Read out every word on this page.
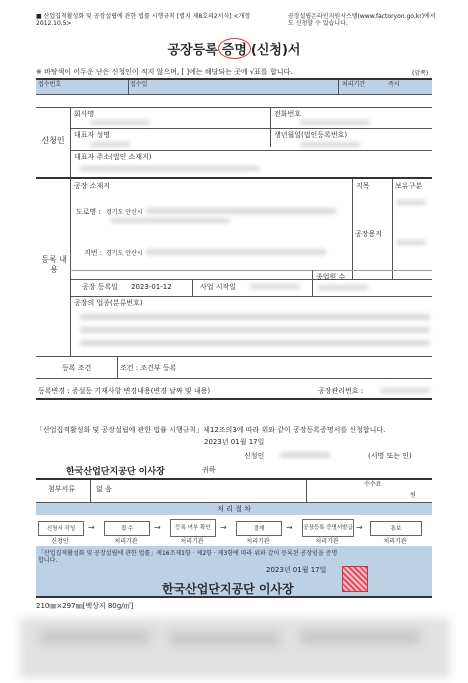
■ 산업집적활성화 및 공장설립에 관한 법률 시행규칙 [별지 제8호의2서식] <개정 2012.10.5>
공장설립온라인지원시스템(www.factoryon.go.kr)에서도 신청할 수 있습니다.
공장등록 증명 (신청)서
※ 바탕색이 어두운 난은 신청인이 적지 않으며, [ ]에는 해당되는 곳에 √표를 합니다.	(앞쪽)
접수번호	접수일	처리기간	즉시
신청인
회사명	전화번호
대표자 성명	생년월일(법인등록번호)
대표자 주소(법인 소재지)
등록 내용
공장 소재지	지목	보유구분
도로명 : 경기도 안산시
지번 : 경기도 안산시
공장용지
공장 등록일 2023-01-12	사업 시작일
종업원 수
공장의 업종(분류번호)
등록 조건	조건 : 조건부 등록
등록변경 : 증설등 기재사항 변경내용(변경 날짜 및 내용)	공장관리번호 :
「산업집적활성화 및 공장설립에 관한 법률 시행규칙」제12조의3에 따라 위와 같이 공장등록증명서를 신청합니다.
2023년 01월 17일
신청인	(서명 또는 인)
한국산업단지공단 이사장	귀하
첨부서류	없 음
수수료
원
처 리 절 차
신청서 작성	→	접 수	→	등록 여부 확인	→	결재	→ 공장등록 증명서발급 →	통보
신청인	처리기관	처리기관	처리기관	처리기관	처리기관
「산업집적활성화 및 공장설립에 관한 법률」제16조제1항 · 제2항 · 제3항에 따라 위와 같이 등록된 공장임을 증명합니다.
2023년 01월 17일
한국산업단지공단 이사장
210㎜×297㎜[백상지 80g/㎡]
